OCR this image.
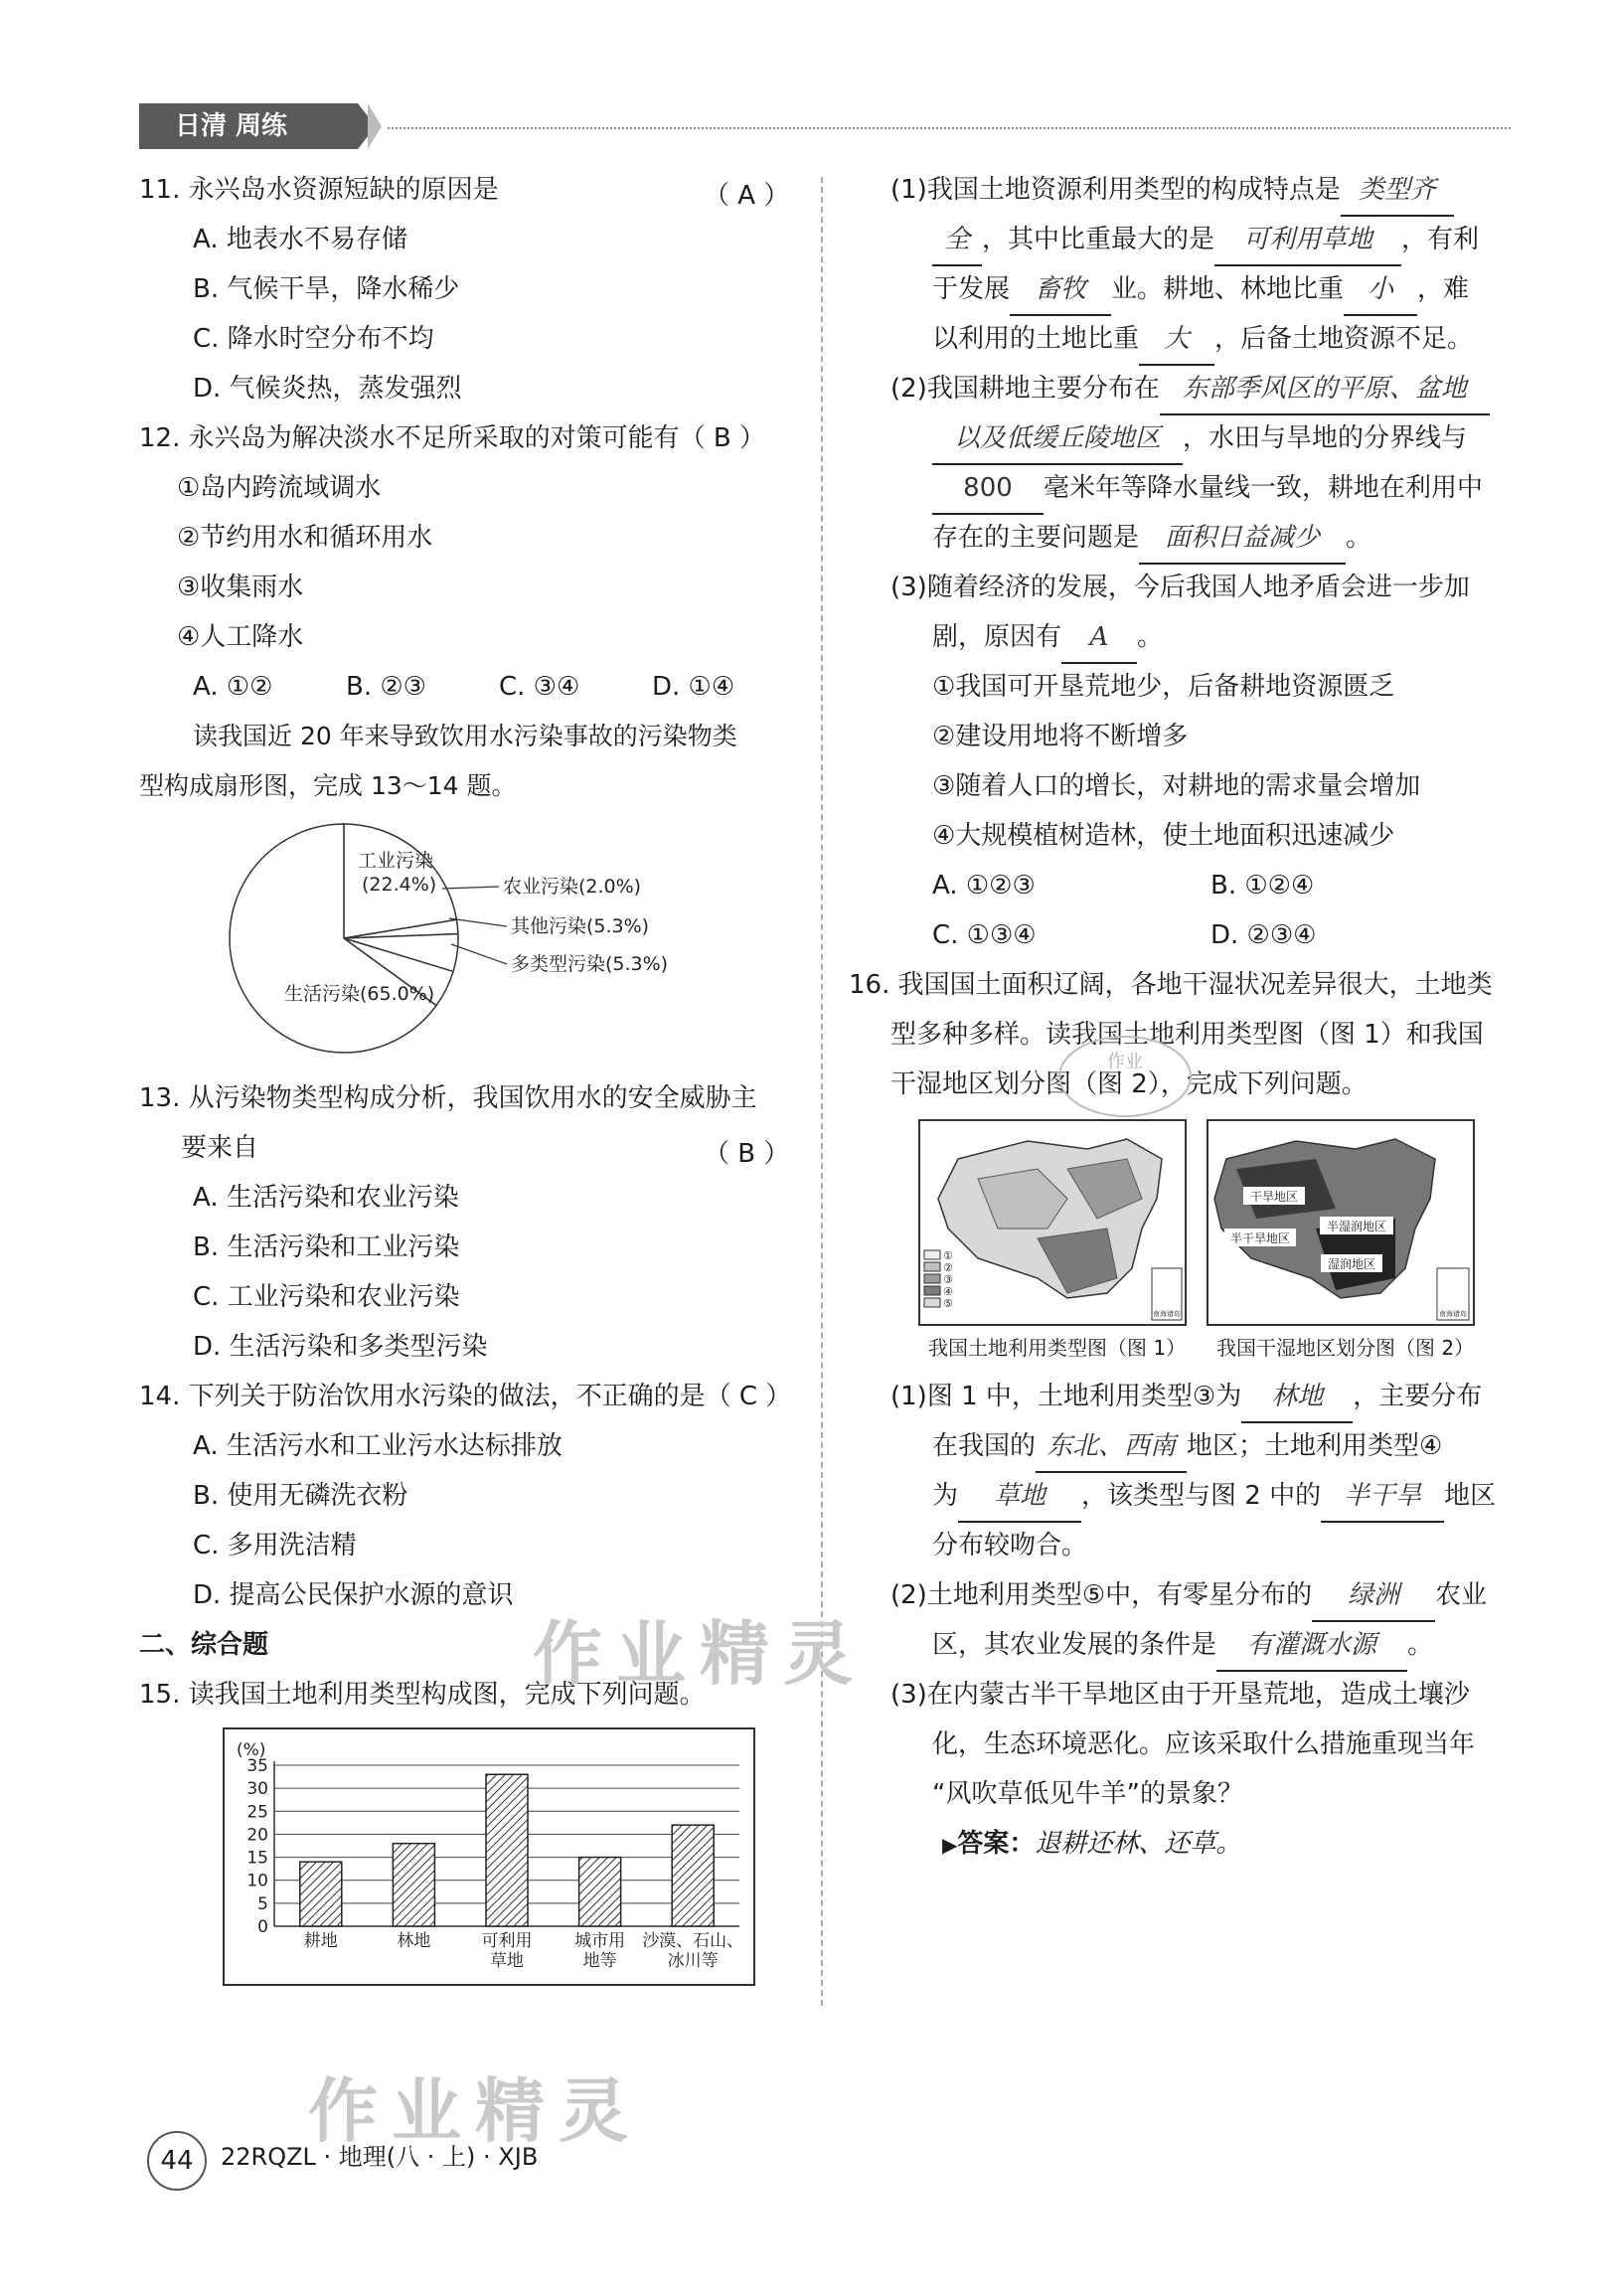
日清 周练
11. 永兴岛水资源短缺的原因是	（ A ）
A. 地表水不易存储
B. 气候干旱，降水稀少
C. 降水时空分布不均
D. 气候炎热，蒸发强烈
12. 永兴岛为解决淡水不足所采取的对策可能有（ B ）
①岛内跨流域调水
②节约用水和循环用水
③收集雨水
④人工降水
A. ①②	B. ②③	C. ③④	D. ①④
读我国近 20 年来导致饮用水污染事故的污染物类
型构成扇形图，完成 13～14 题。
工业污染
(22.4%)	农业污染(2.0%)
其他污染(5.3%)
多类型污染(5.3%)
生活污染(65.0%)
13. 从污染物类型构成分析，我国饮用水的安全威胁主
要来自	（ B ）
A. 生活污染和农业污染
B. 生活污染和工业污染
C. 工业污染和农业污染
D. 生活污染和多类型污染
14. 下列关于防治饮用水污染的做法，不正确的是（ C ）
A. 生活污水和工业污水达标排放
B. 使用无磷洗衣粉
C. 多用洗洁精
D. 提高公民保护水源的意识
二、综合题
15. 读我国土地利用类型构成图，完成下列问题。
(%)
0
5
10
15
20
25
30
35
耕地	林地	可利用
草地
城市用
地等
沙漠、石山、
冰川等
(1)我国土地资源利用类型的构成特点是 类型齐
全 ，其中比重最大的是 可利用草地 ，有利
于发展 畜牧 业。耕地、林地比重 小 ，难
以利用的土地比重 大 ，后备土地资源不足。
(2)我国耕地主要分布在 东部季风区的平原、盆地
以及低缓丘陵地区 ，水田与旱地的分界线与
800 毫米年等降水量线一致，耕地在利用中
存在的主要问题是 面积日益减少 。
(3)随着经济的发展，今后我国人地矛盾会进一步加
剧，原因有 A 。
①我国可开垦荒地少，后备耕地资源匮乏
②建设用地将不断增多
③随着人口的增长，对耕地的需求量会增加
④大规模植树造林，使土地面积迅速减少
A. ①②③	B. ①②④
C. ①③④	D. ②③④
16. 我国国土面积辽阔，各地干湿状况差异很大，土地类
型多种多样。读我国土地利用类型图（图 1）和我国
干湿地区划分图（图 2），完成下列问题。
作业
①
②
③
④
⑤
南海诸岛
干旱地区
半湿润地区
半干旱地区
湿润地区
南海诸岛
我国土地利用类型图（图 1） 我国干湿地区划分图（图 2）
(1)图 1 中，土地利用类型③为 林地 ，主要分布
在我国的 东北、西南 地区；土地利用类型④
为 草地 ，该类型与图 2 中的 半干旱 地区
分布较吻合。
(2)土地利用类型⑤中，有零星分布的 绿洲 农业
区，其农业发展的条件是 有灌溉水源 。
(3)在内蒙古半干旱地区由于开垦荒地，造成土壤沙
化，生态环境恶化。应该采取什么措施重现当年
“风吹草低见牛羊”的景象？
▶答案：退耕还林、还草。
作业精灵
作业精灵
44	22RQZL · 地理(八 · 上) · XJB
